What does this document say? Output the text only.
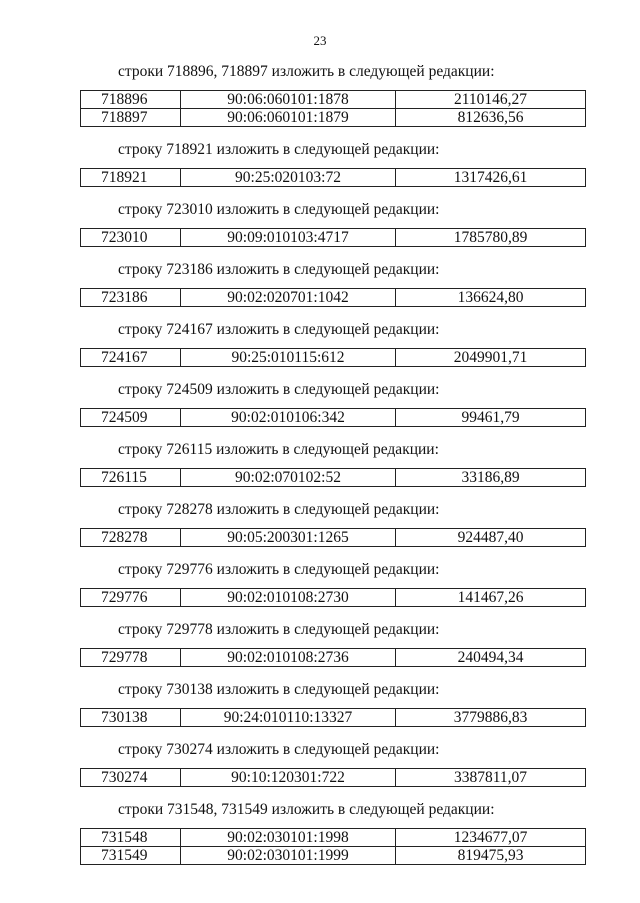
23

строки 718896, 718897 изложить в следующей редакции:

718896	90:06:060101:1878	2110146,27
718897	90:06:060101:1879	812636,56

строку 718921 изложить в следующей редакции:

718921	90:25:020103:72	1317426,61

строку 723010 изложить в следующей редакции:

723010	90:09:010103:4717	1785780,89

строку 723186 изложить в следующей редакции:

723186	90:02:020701:1042	136624,80

строку 724167 изложить в следующей редакции:

724167	90:25:010115:612	2049901,71

строку 724509 изложить в следующей редакции:

724509	90:02:010106:342	99461,79

строку 726115 изложить в следующей редакции:

726115	90:02:070102:52	33186,89

строку 728278 изложить в следующей редакции:

728278	90:05:200301:1265	924487,40

строку 729776 изложить в следующей редакции:

729776	90:02:010108:2730	141467,26

строку 729778 изложить в следующей редакции:

729778	90:02:010108:2736	240494,34

строку 730138 изложить в следующей редакции:

730138	90:24:010110:13327	3779886,83

строку 730274 изложить в следующей редакции:

730274	90:10:120301:722	3387811,07

строки 731548, 731549 изложить в следующей редакции:

731548	90:02:030101:1998	1234677,07
731549	90:02:030101:1999	819475,93
